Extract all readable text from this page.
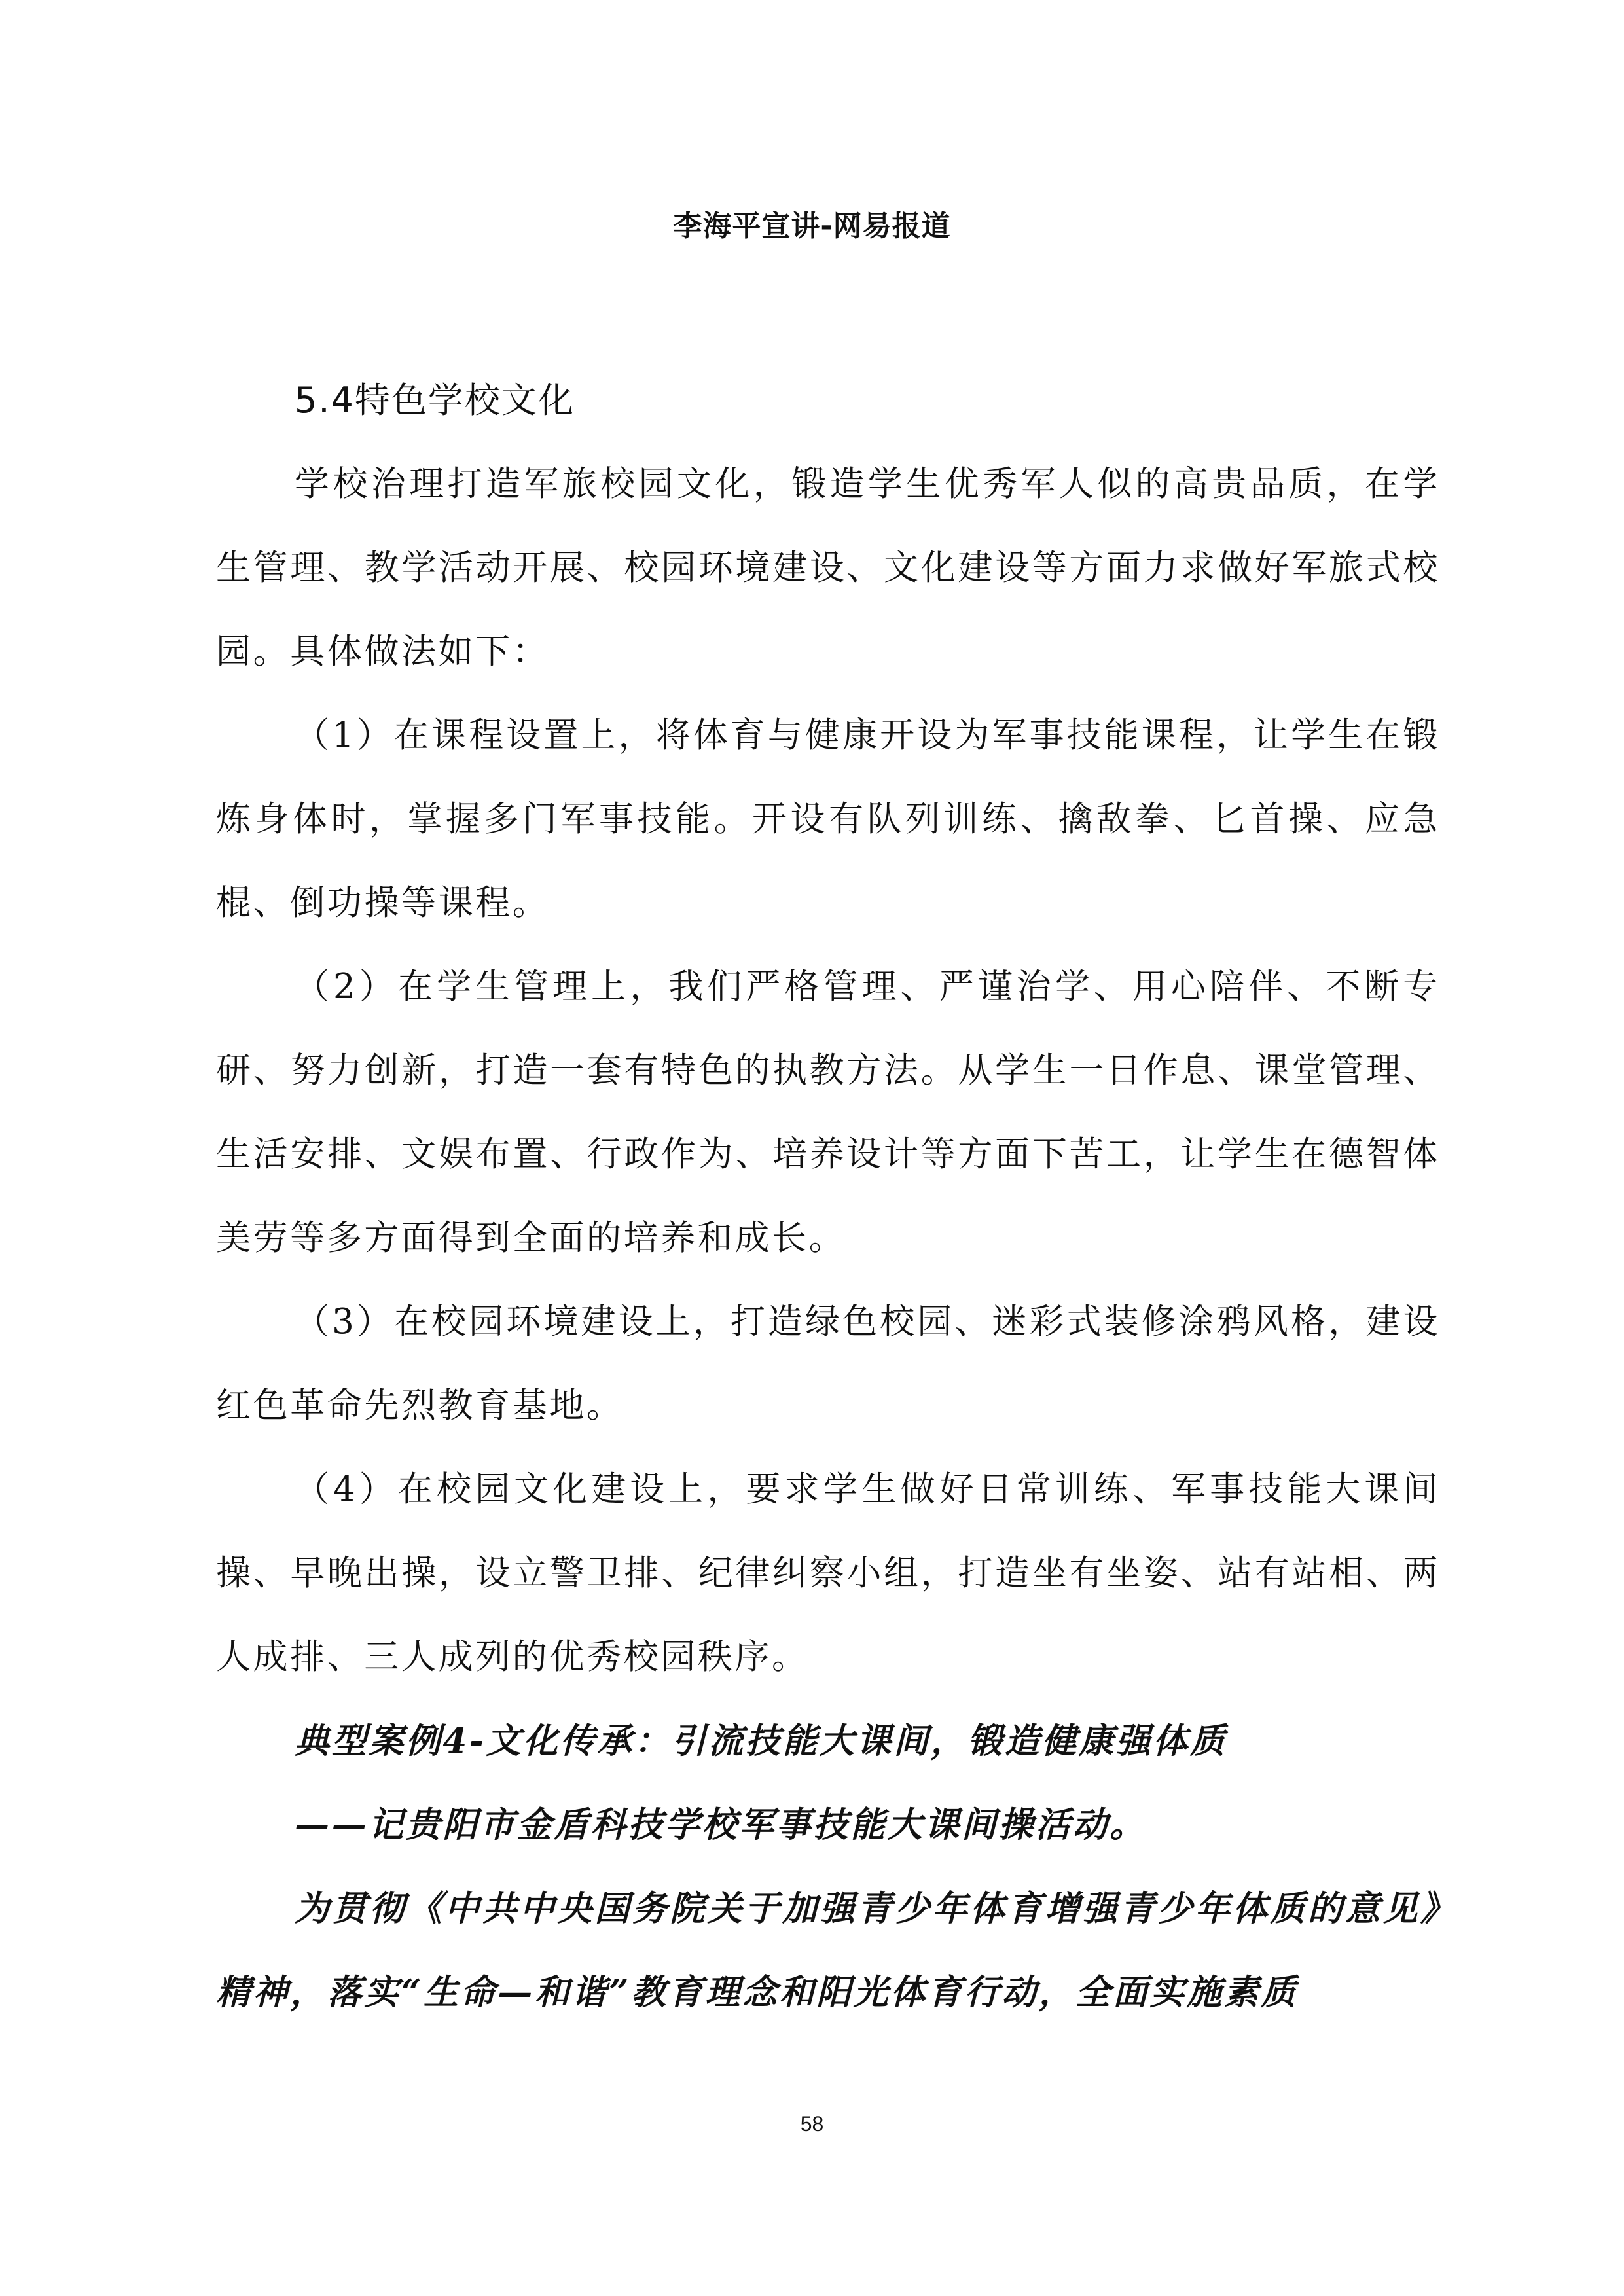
李海平宣讲-网易报道

5.4特色学校文化

学校治理打造军旅校园文化，锻造学生优秀军人似的高贵品质，在学生管理、教学活动开展、校园环境建设、文化建设等方面力求做好军旅式校园。具体做法如下：

（1）在课程设置上，将体育与健康开设为军事技能课程，让学生在锻炼身体时，掌握多门军事技能。开设有队列训练、擒敌拳、匕首操、应急棍、倒功操等课程。

（2）在学生管理上，我们严格管理、严谨治学、用心陪伴、不断专研、努力创新，打造一套有特色的执教方法。从学生一日作息、课堂管理、生活安排、文娱布置、行政作为、培养设计等方面下苦工，让学生在德智体美劳等多方面得到全面的培养和成长。

（3）在校园环境建设上，打造绿色校园、迷彩式装修涂鸦风格，建设红色革命先烈教育基地。

（4）在校园文化建设上，要求学生做好日常训练、军事技能大课间操、早晚出操，设立警卫排、纪律纠察小组，打造坐有坐姿、站有站相、两人成排、三人成列的优秀校园秩序。

典型案例4-文化传承：引流技能大课间，锻造健康强体质

——记贵阳市金盾科技学校军事技能大课间操活动。

为贯彻《中共中央国务院关于加强青少年体育增强青少年体质的意见》精神，落实“生命—和谐”教育理念和阳光体育行动，全面实施素质

58
